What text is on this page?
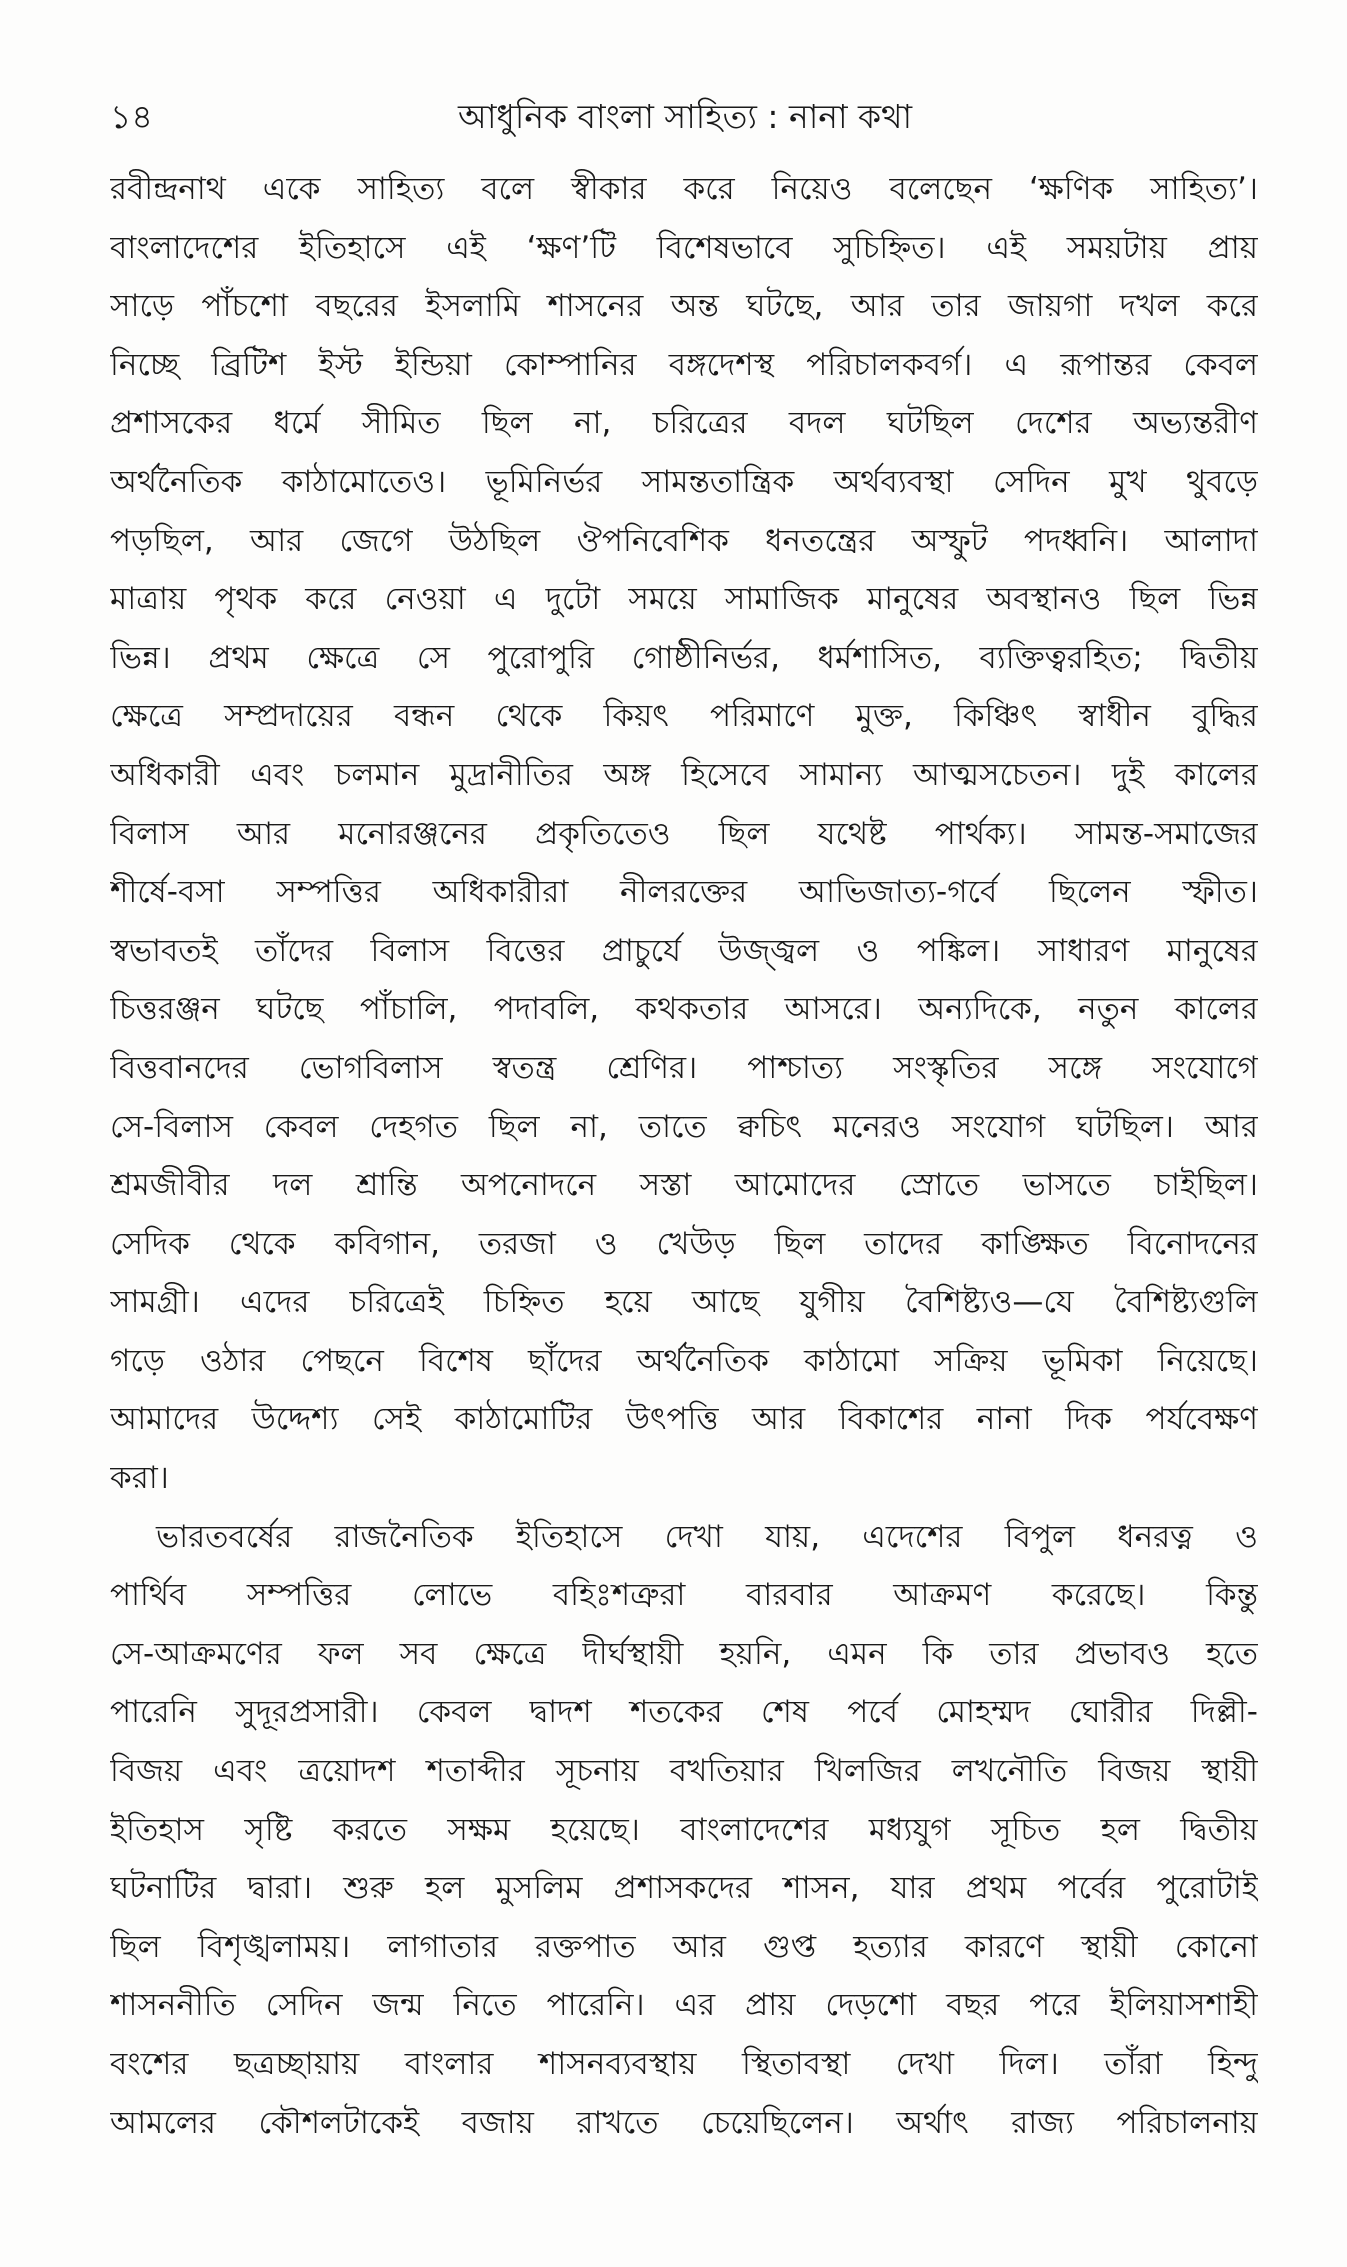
১৪	আধুনিক বাংলা সাহিত্য : নানা কথা
রবীন্দ্রনাথ একে সাহিত্য বলে স্বীকার করে নিয়েও বলেছেন ‘ক্ষণিক সাহিত্য’।
বাংলাদেশের ইতিহাসে এই ‘ক্ষণ’টি বিশেষভাবে সুচিহ্নিত। এই সময়টায় প্রায়
সাড়ে পাঁচশো বছরের ইসলামি শাসনের অন্ত ঘটছে, আর তার জায়গা দখল করে
নিচ্ছে ব্রিটিশ ইস্ট ইন্ডিয়া কোম্পানির বঙ্গদেশস্থ পরিচালকবর্গ। এ রূপান্তর কেবল
প্রশাসকের ধর্মে সীমিত ছিল না, চরিত্রের বদল ঘটছিল দেশের অভ্যন্তরীণ
অর্থনৈতিক কাঠামোতেও। ভূমিনির্ভর সামন্ততান্ত্রিক অর্থব্যবস্থা সেদিন মুখ থুবড়ে
পড়ছিল, আর জেগে উঠছিল ঔপনিবেশিক ধনতন্ত্রের অস্ফুট পদধ্বনি। আলাদা
মাত্রায় পৃথক করে নেওয়া এ দুটো সময়ে সামাজিক মানুষের অবস্থানও ছিল ভিন্ন
ভিন্ন। প্রথম ক্ষেত্রে সে পুরোপুরি গোষ্ঠীনির্ভর, ধর্মশাসিত, ব্যক্তিত্বরহিত; দ্বিতীয়
ক্ষেত্রে সম্প্রদায়ের বন্ধন থেকে কিয়ৎ পরিমাণে মুক্ত, কিঞ্চিৎ স্বাধীন বুদ্ধির
অধিকারী এবং চলমান মুদ্রানীতির অঙ্গ হিসেবে সামান্য আত্মসচেতন। দুই কালের
বিলাস আর মনোরঞ্জনের প্রকৃতিতেও ছিল যথেষ্ট পার্থক্য। সামন্ত-সমাজের
শীর্ষে-বসা সম্পত্তির অধিকারীরা নীলরক্তের আভিজাত্য-গর্বে ছিলেন স্ফীত।
স্বভাবতই তাঁদের বিলাস বিত্তের প্রাচুর্যে উজ্জ্বল ও পঙ্কিল। সাধারণ মানুষের
চিত্তরঞ্জন ঘটছে পাঁচালি, পদাবলি, কথকতার আসরে। অন্যদিকে, নতুন কালের
বিত্তবানদের ভোগবিলাস স্বতন্ত্র শ্রেণির। পাশ্চাত্য সংস্কৃতির সঙ্গে সংযোগে
সে-বিলাস কেবল দেহগত ছিল না, তাতে ক্বচিৎ মনেরও সংযোগ ঘটছিল। আর
শ্রমজীবীর দল শ্রান্তি অপনোদনে সস্তা আমোদের স্রোতে ভাসতে চাইছিল।
সেদিক থেকে কবিগান, তরজা ও খেউড় ছিল তাদের কাঙ্ক্ষিত বিনোদনের
সামগ্রী। এদের চরিত্রেই চিহ্নিত হয়ে আছে যুগীয় বৈশিষ্ট্যও—যে বৈশিষ্ট্যগুলি
গড়ে ওঠার পেছনে বিশেষ ছাঁদের অর্থনৈতিক কাঠামো সক্রিয় ভূমিকা নিয়েছে।
আমাদের উদ্দেশ্য সেই কাঠামোটির উৎপত্তি আর বিকাশের নানা দিক পর্যবেক্ষণ
করা।
ভারতবর্ষের রাজনৈতিক ইতিহাসে দেখা যায়, এদেশের বিপুল ধনরত্ন ও
পার্থিব সম্পত্তির লোভে বহিঃশত্রুরা বারবার আক্রমণ করেছে। কিন্তু
সে-আক্রমণের ফল সব ক্ষেত্রে দীর্ঘস্থায়ী হয়নি, এমন কি তার প্রভাবও হতে
পারেনি সুদূরপ্রসারী। কেবল দ্বাদশ শতকের শেষ পর্বে মোহম্মদ ঘোরীর দিল্লী-
বিজয় এবং ত্রয়োদশ শতাব্দীর সূচনায় বখতিয়ার খিলজির লখনৌতি বিজয় স্থায়ী
ইতিহাস সৃষ্টি করতে সক্ষম হয়েছে। বাংলাদেশের মধ্যযুগ সূচিত হল দ্বিতীয়
ঘটনাটির দ্বারা। শুরু হল মুসলিম প্রশাসকদের শাসন, যার প্রথম পর্বের পুরোটাই
ছিল বিশৃঙ্খলাময়। লাগাতার রক্তপাত আর গুপ্ত হত্যার কারণে স্থায়ী কোনো
শাসননীতি সেদিন জন্ম নিতে পারেনি। এর প্রায় দেড়শো বছর পরে ইলিয়াসশাহী
বংশের ছত্রচ্ছায়ায় বাংলার শাসনব্যবস্থায় স্থিতাবস্থা দেখা দিল। তাঁরা হিন্দু
আমলের কৌশলটাকেই বজায় রাখতে চেয়েছিলেন। অর্থাৎ রাজ্য পরিচালনায়
